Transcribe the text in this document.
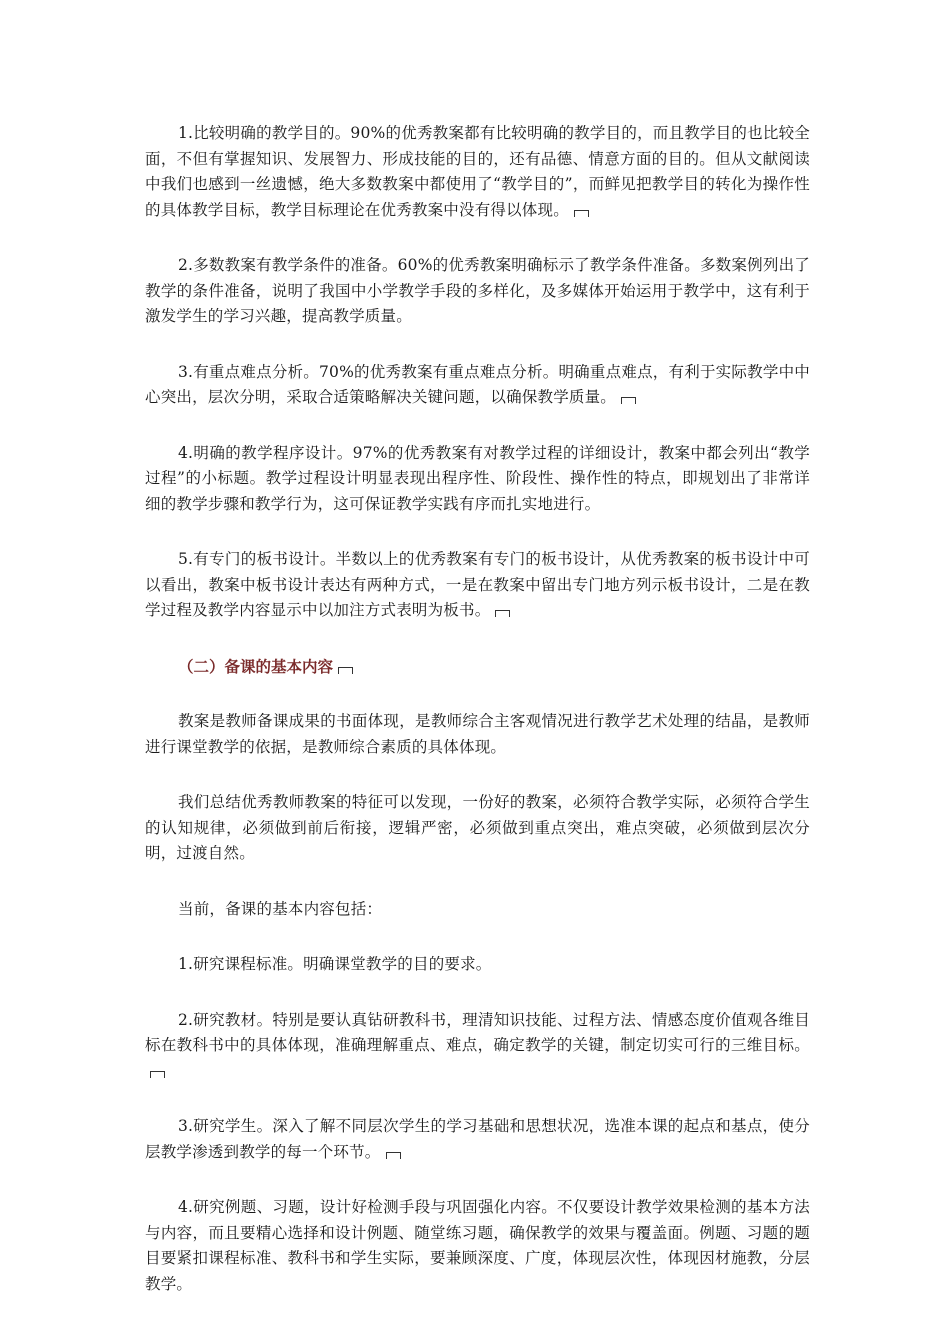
1.比较明确的教学目的。90%的优秀教案都有比较明确的教学目的，而且教学目的也比较全面，不但有掌握知识、发展智力、形成技能的目的，还有品德、情意方面的目的。但从文献阅读中我们也感到一丝遗憾，绝大多数教案中都使用了“教学目的”，而鲜见把教学目的转化为操作性的具体教学目标，教学目标理论在优秀教案中没有得以体现。

2.多数教案有教学条件的准备。60%的优秀教案明确标示了教学条件准备。多数案例列出了教学的条件准备，说明了我国中小学教学手段的多样化，及多媒体开始运用于教学中，这有利于激发学生的学习兴趣，提高教学质量。

3.有重点难点分析。70%的优秀教案有重点难点分析。明确重点难点，有利于实际教学中中心突出，层次分明，采取合适策略解决关键问题，以确保教学质量。

4.明确的教学程序设计。97%的优秀教案有对教学过程的详细设计，教案中都会列出“教学过程”的小标题。教学过程设计明显表现出程序性、阶段性、操作性的特点，即规划出了非常详细的教学步骤和教学行为，这可保证教学实践有序而扎实地进行。

5.有专门的板书设计。半数以上的优秀教案有专门的板书设计，从优秀教案的板书设计中可以看出，教案中板书设计表达有两种方式，一是在教案中留出专门地方列示板书设计，二是在教学过程及教学内容显示中以加注方式表明为板书。

（二）备课的基本内容

教案是教师备课成果的书面体现，是教师综合主客观情况进行教学艺术处理的结晶，是教师进行课堂教学的依据，是教师综合素质的具体体现。

我们总结优秀教师教案的特征可以发现，一份好的教案，必须符合教学实际，必须符合学生的认知规律，必须做到前后衔接，逻辑严密，必须做到重点突出，难点突破，必须做到层次分明，过渡自然。

当前，备课的基本内容包括：

1.研究课程标准。明确课堂教学的目的要求。

2.研究教材。特别是要认真钻研教科书，理清知识技能、过程方法、情感态度价值观各维目标在教科书中的具体体现，准确理解重点、难点，确定教学的关键，制定切实可行的三维目标。

3.研究学生。深入了解不同层次学生的学习基础和思想状况，选准本课的起点和基点，使分层教学渗透到教学的每一个环节。

4.研究例题、习题，设计好检测手段与巩固强化内容。不仅要设计教学效果检测的基本方法与内容，而且要精心选择和设计例题、随堂练习题，确保教学的效果与覆盖面。例题、习题的题目要紧扣课程标准、教科书和学生实际，要兼顾深度、广度，体现层次性，体现因材施教，分层教学。
